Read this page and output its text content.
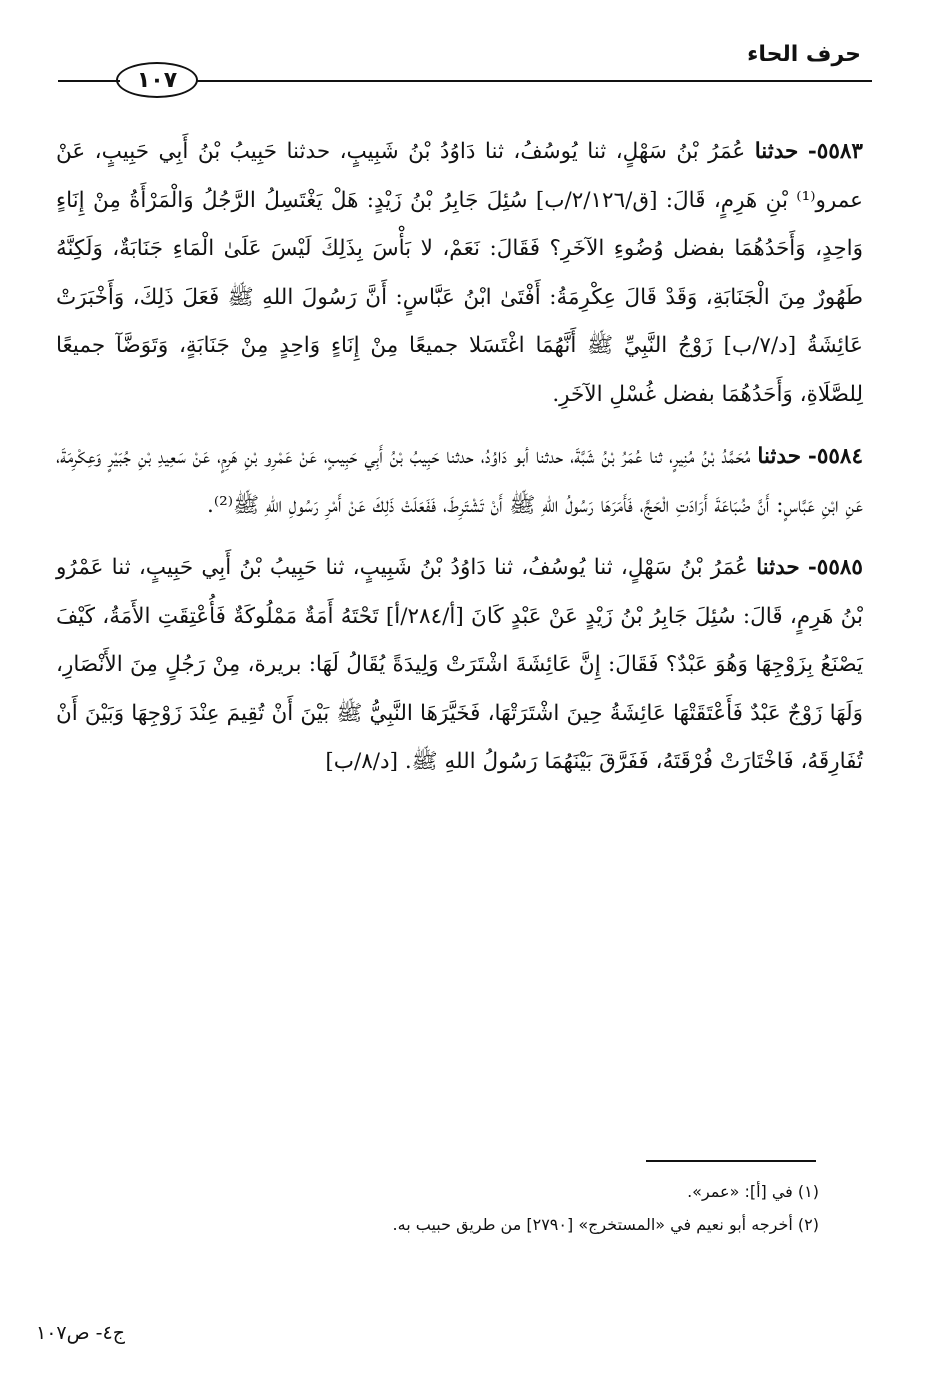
حرف الحاء
١٠٧

٥٥٨٣- حدثنا عُمَرُ بْنُ سَهْلٍ، ثنا يُوسُفُ، ثنا دَاوُدُ بْنُ شَبِيبٍ، حدثنا حَبِيبُ بْنُ أَبِي حَبِيبٍ، عَنْ عمرو⁽¹⁾ بْنِ هَرِمٍ، قَالَ: [ق/٢/١٢٦/ب] سُئِلَ جَابِرُ بْنُ زَيْدٍ: هَلْ يَغْتَسِلُ الرَّجُلُ وَالْمَرْأَةُ مِنْ إِنَاءٍ وَاحِدٍ، وَأَحَدُهُمَا بفضل وُضُوءِ الآخَرِ؟ فَقَالَ: نَعَمْ، لا بَأْسَ بِذَلِكَ لَيْسَ عَلَىٰ الْمَاءِ جَنَابَةٌ، وَلَكِنَّهُ طَهُورٌ مِنَ الْجَنَابَةِ، وَقَدْ قَالَ عِكْرِمَةُ: أَفْتَىٰ ابْنُ عَبَّاسٍ: أَنَّ رَسُولَ اللهِ ﷺ فَعَلَ ذَلِكَ، وَأَخْبَرَتْ عَائِشَةُ [د/٧/ب] زَوْجُ النَّبِيِّ ﷺ أَنَّهُمَا اغْتَسَلا جميعًا مِنْ إِنَاءٍ وَاحِدٍ مِنْ جَنَابَةٍ، وَتَوَضَّآ جميعًا لِلصَّلَاةِ، وَأَحَدُهُمَا بفضل غُسْلِ الآخَرِ.

٥٥٨٤- حدثنا مُحَمَّدُ بْنُ مُنِيرٍ، ثنا عُمَرُ بْنُ شَبَّةَ، حدثنا أبو دَاوُدُ، حدثنا حَبِيبُ بْنُ أَبِي حَبِيبٍ، عَنْ عَمْرِو بْنِ هَرِمٍ، عَنْ سَعِيدِ بْنِ جُبَيْرٍ وَعِكْرِمَةَ، عَنِ ابْنِ عَبَّاسٍ: أَنَّ ضُبَاعَةَ أَرَادَتِ الْحَجَّ، فَأَمَرَهَا رَسُولُ اللهِ ﷺ أَنْ تَشْتَرِطَ، فَفَعَلَتْ ذَلِكَ عَنْ أَمْرِ رَسُولِ اللهِ ﷺ⁽²⁾.

٥٥٨٥- حدثنا عُمَرُ بْنُ سَهْلٍ، ثنا يُوسُفُ، ثنا دَاوُدُ بْنُ شَبِيبٍ، ثنا حَبِيبُ بْنُ أَبِي حَبِيبٍ، ثنا عَمْرُو بْنُ هَرِمٍ، قَالَ: سُئِلَ جَابِرُ بْنُ زَيْدٍ عَنْ عَبْدٍ كَانَ [أ/٢٨٤/أ] تَحْتَهُ أَمَةٌ مَمْلُوكَةٌ فَأُعْتِقَتِ الأَمَةُ، كَيْفَ يَصْنَعُ بِزَوْجِهَا وَهُوَ عَبْدٌ؟ فَقَالَ: إِنَّ عَائِشَةَ اشْتَرَتْ وَلِيدَةً يُقَالُ لَهَا: بريرة، مِنْ رَجُلٍ مِنَ الأَنْصَارِ، وَلَهَا زَوْجٌ عَبْدٌ فَأَعْتَقَتْهَا عَائِشَةُ حِينَ اشْتَرَتْهَا، فَخَيَّرَهَا النَّبِيُّ ﷺ بَيْنَ أَنْ تُقِيمَ عِنْدَ زَوْجِهَا وَبَيْنَ أَنْ تُفَارِقَهُ، فَاخْتَارَتْ فُرْقَتَهُ، فَفَرَّقَ بَيْنَهُمَا رَسُولُ اللهِ ﷺ. [د/٨/ب]

(١) في [أ]: «عمر».

(٢) أخرجه أبو نعيم في «المستخرج» [٢٧٩٠] من طريق حبيب به.

ج٤- ص١٠٧
